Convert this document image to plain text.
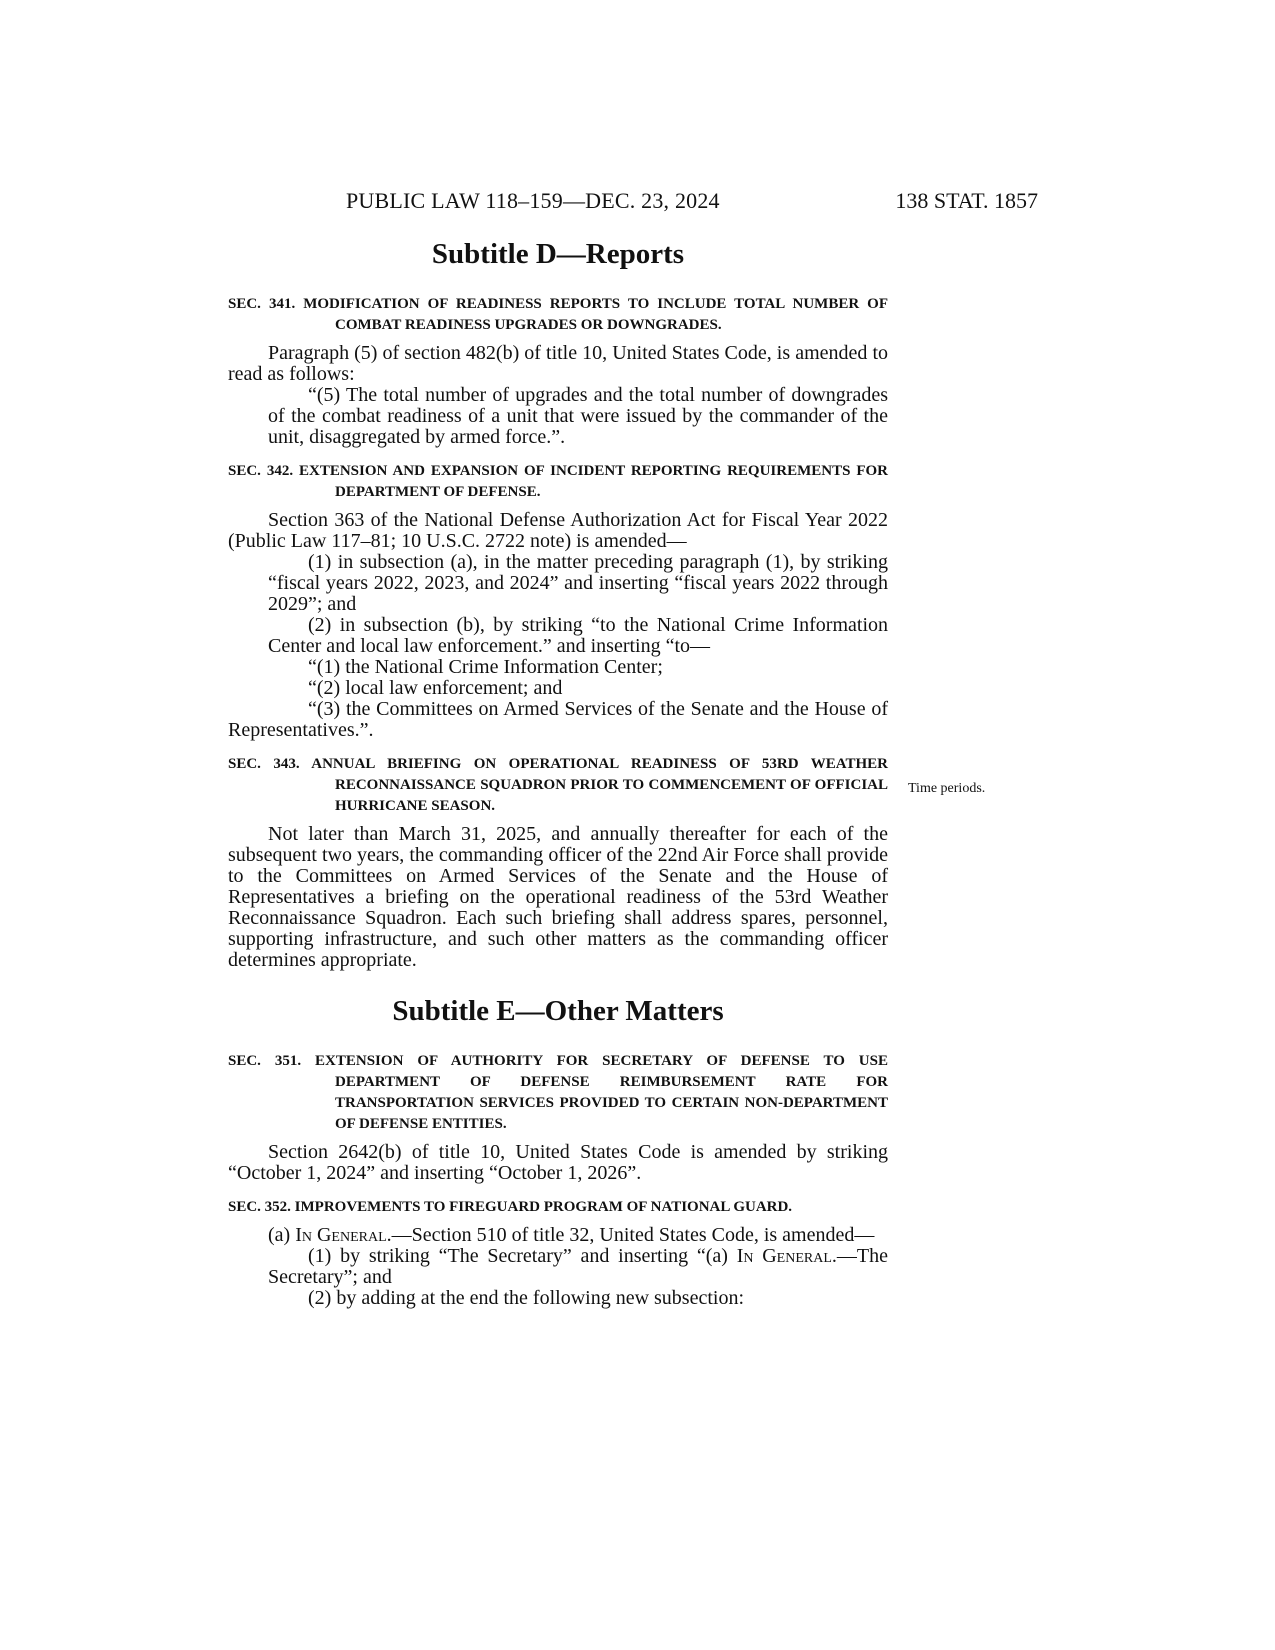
PUBLIC LAW 118–159—DEC. 23, 2024	138 STAT. 1857
Subtitle D—Reports
SEC. 341. MODIFICATION OF READINESS REPORTS TO INCLUDE TOTAL NUMBER OF COMBAT READINESS UPGRADES OR DOWNGRADES.

Paragraph (5) of section 482(b) of title 10, United States Code, is amended to read as follows:

“(5) The total number of upgrades and the total number of downgrades of the combat readiness of a unit that were issued by the commander of the unit, disaggregated by armed force.”.

SEC. 342. EXTENSION AND EXPANSION OF INCIDENT REPORTING REQUIREMENTS FOR DEPARTMENT OF DEFENSE.

Section 363 of the National Defense Authorization Act for Fiscal Year 2022 (Public Law 117–81; 10 U.S.C. 2722 note) is amended—

(1) in subsection (a), in the matter preceding paragraph (1), by striking “fiscal years 2022, 2023, and 2024” and inserting “fiscal years 2022 through 2029”; and

(2) in subsection (b), by striking “to the National Crime Information Center and local law enforcement.” and inserting “to—

“(1) the National Crime Information Center;

“(2) local law enforcement; and

“(3) the Committees on Armed Services of the Senate and the House of Representatives.”.

SEC. 343. ANNUAL BRIEFING ON OPERATIONAL READINESS OF 53RD WEATHER RECONNAISSANCE SQUADRON PRIOR TO COMMENCEMENT OF OFFICIAL HURRICANE SEASON.

Not later than March 31, 2025, and annually thereafter for each of the subsequent two years, the commanding officer of the 22nd Air Force shall provide to the Committees on Armed Services of the Senate and the House of Representatives a briefing on the operational readiness of the 53rd Weather Reconnaissance Squadron. Each such briefing shall address spares, personnel, supporting infrastructure, and such other matters as the commanding officer determines appropriate.

Subtitle E—Other Matters
SEC. 351. EXTENSION OF AUTHORITY FOR SECRETARY OF DEFENSE TO USE DEPARTMENT OF DEFENSE REIMBURSEMENT RATE FOR TRANSPORTATION SERVICES PROVIDED TO CERTAIN NON-DEPARTMENT OF DEFENSE ENTITIES.

Section 2642(b) of title 10, United States Code is amended by striking “October 1, 2024” and inserting “October 1, 2026”.

SEC. 352. IMPROVEMENTS TO FIREGUARD PROGRAM OF NATIONAL GUARD.

(a) In General.—Section 510 of title 32, United States Code, is amended—

(1) by striking “The Secretary” and inserting “(a) In General.—The Secretary”; and

(2) by adding at the end the following new subsection:

Time periods.
